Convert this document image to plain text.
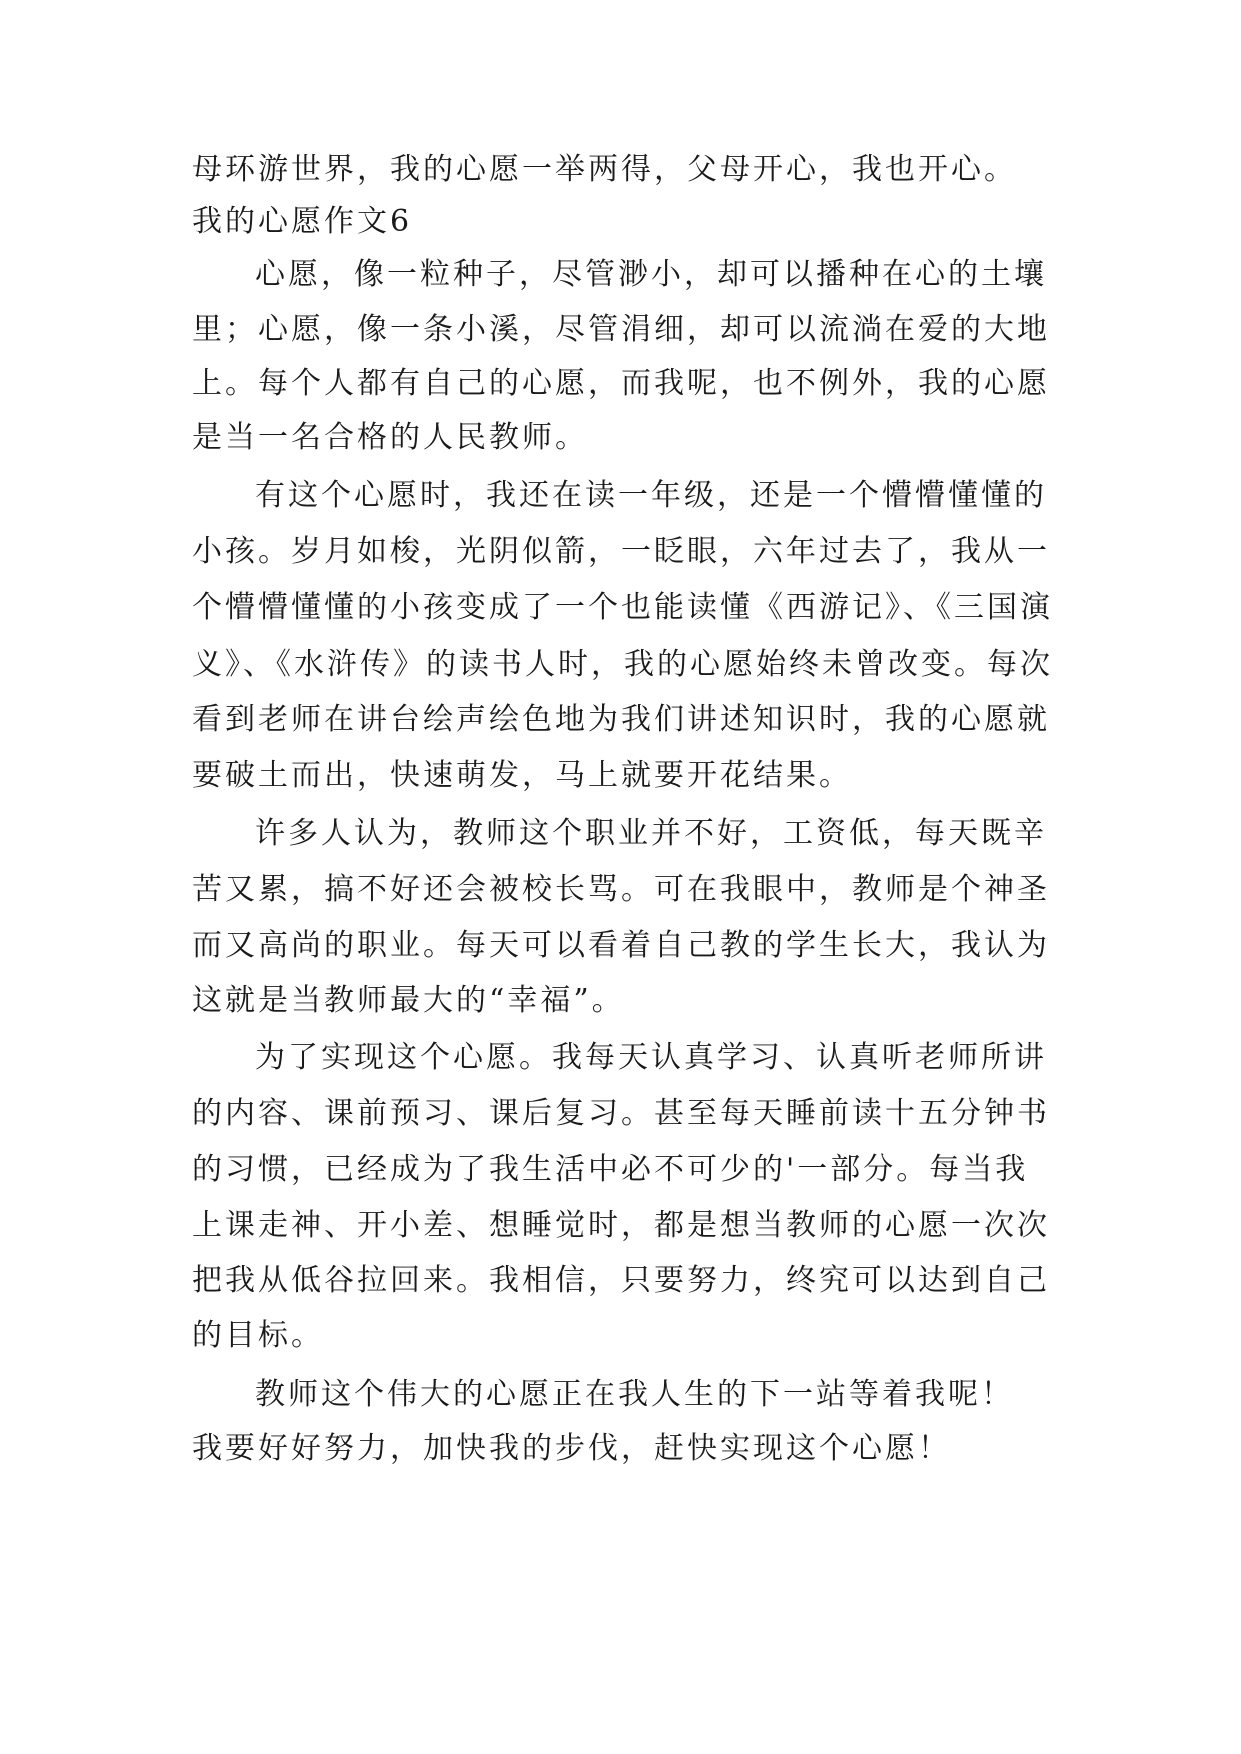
母环游世界，我的心愿一举两得，父母开心，我也开心。
我的心愿作文6
心愿，像一粒种子，尽管渺小，却可以播种在心的土壤
里；心愿，像一条小溪，尽管涓细，却可以流淌在爱的大地
上。每个人都有自己的心愿，而我呢，也不例外，我的心愿
是当一名合格的人民教师。
有这个心愿时，我还在读一年级，还是一个懵懵懂懂的
小孩。岁月如梭，光阴似箭，一眨眼，六年过去了，我从一
个懵懵懂懂的小孩变成了一个也能读懂《西游记》、《三国演
义》、《水浒传》的读书人时，我的心愿始终未曾改变。每次
看到老师在讲台绘声绘色地为我们讲述知识时，我的心愿就
要破土而出，快速萌发，马上就要开花结果。
许多人认为，教师这个职业并不好，工资低，每天既辛
苦又累，搞不好还会被校长骂。可在我眼中，教师是个神圣
而又高尚的职业。每天可以看着自己教的学生长大，我认为
这就是当教师最大的“幸福”。
为了实现这个心愿。我每天认真学习、认真听老师所讲
的内容、课前预习、课后复习。甚至每天睡前读十五分钟书
的习惯，已经成为了我生活中必不可少的'一部分。每当我
上课走神、开小差、想睡觉时，都是想当教师的心愿一次次
把我从低谷拉回来。我相信，只要努力，终究可以达到自己
的目标。
教师这个伟大的心愿正在我人生的下一站等着我呢！
我要好好努力，加快我的步伐，赶快实现这个心愿！
